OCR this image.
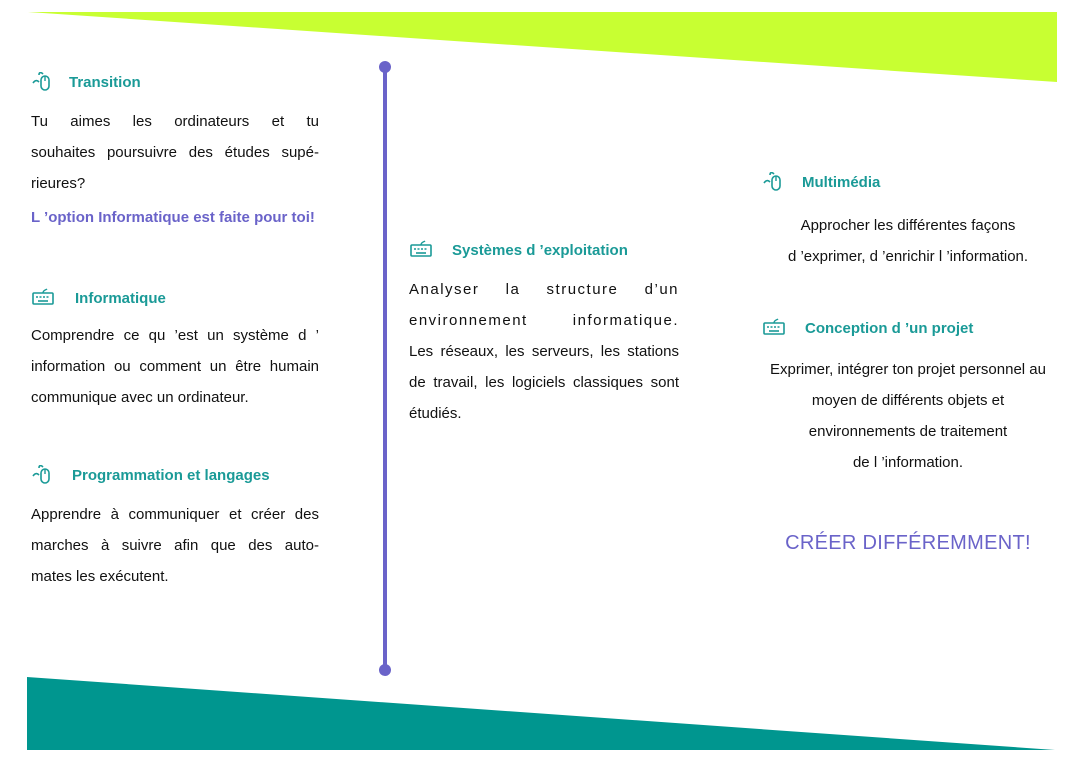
Transition

Tu aimes les ordinateurs et tu

souhaites poursuivre des études supé-

rieures?

L ’option Informatique est faite pour toi!

Informatique

Comprendre ce qu ’est un système d ’

information ou comment un être humain

communique avec un ordinateur.

Programmation et langages

Apprendre à communiquer et créer des

marches à suivre afin que des auto-

mates les exécutent.

Systèmes d ’exploitation

Analyser la structure d’un

environnement informatique.

Les réseaux, les serveurs, les stations

de travail, les logiciels classiques sont

étudiés.

Multimédia

Approcher les différentes façons

d ’exprimer, d ’enrichir l ’information.

Conception d ’un projet

Exprimer, intégrer ton projet personnel au

moyen de différents objets et

environnements de traitement

de l ’information.

CRÉER DIFFÉREMMENT!
